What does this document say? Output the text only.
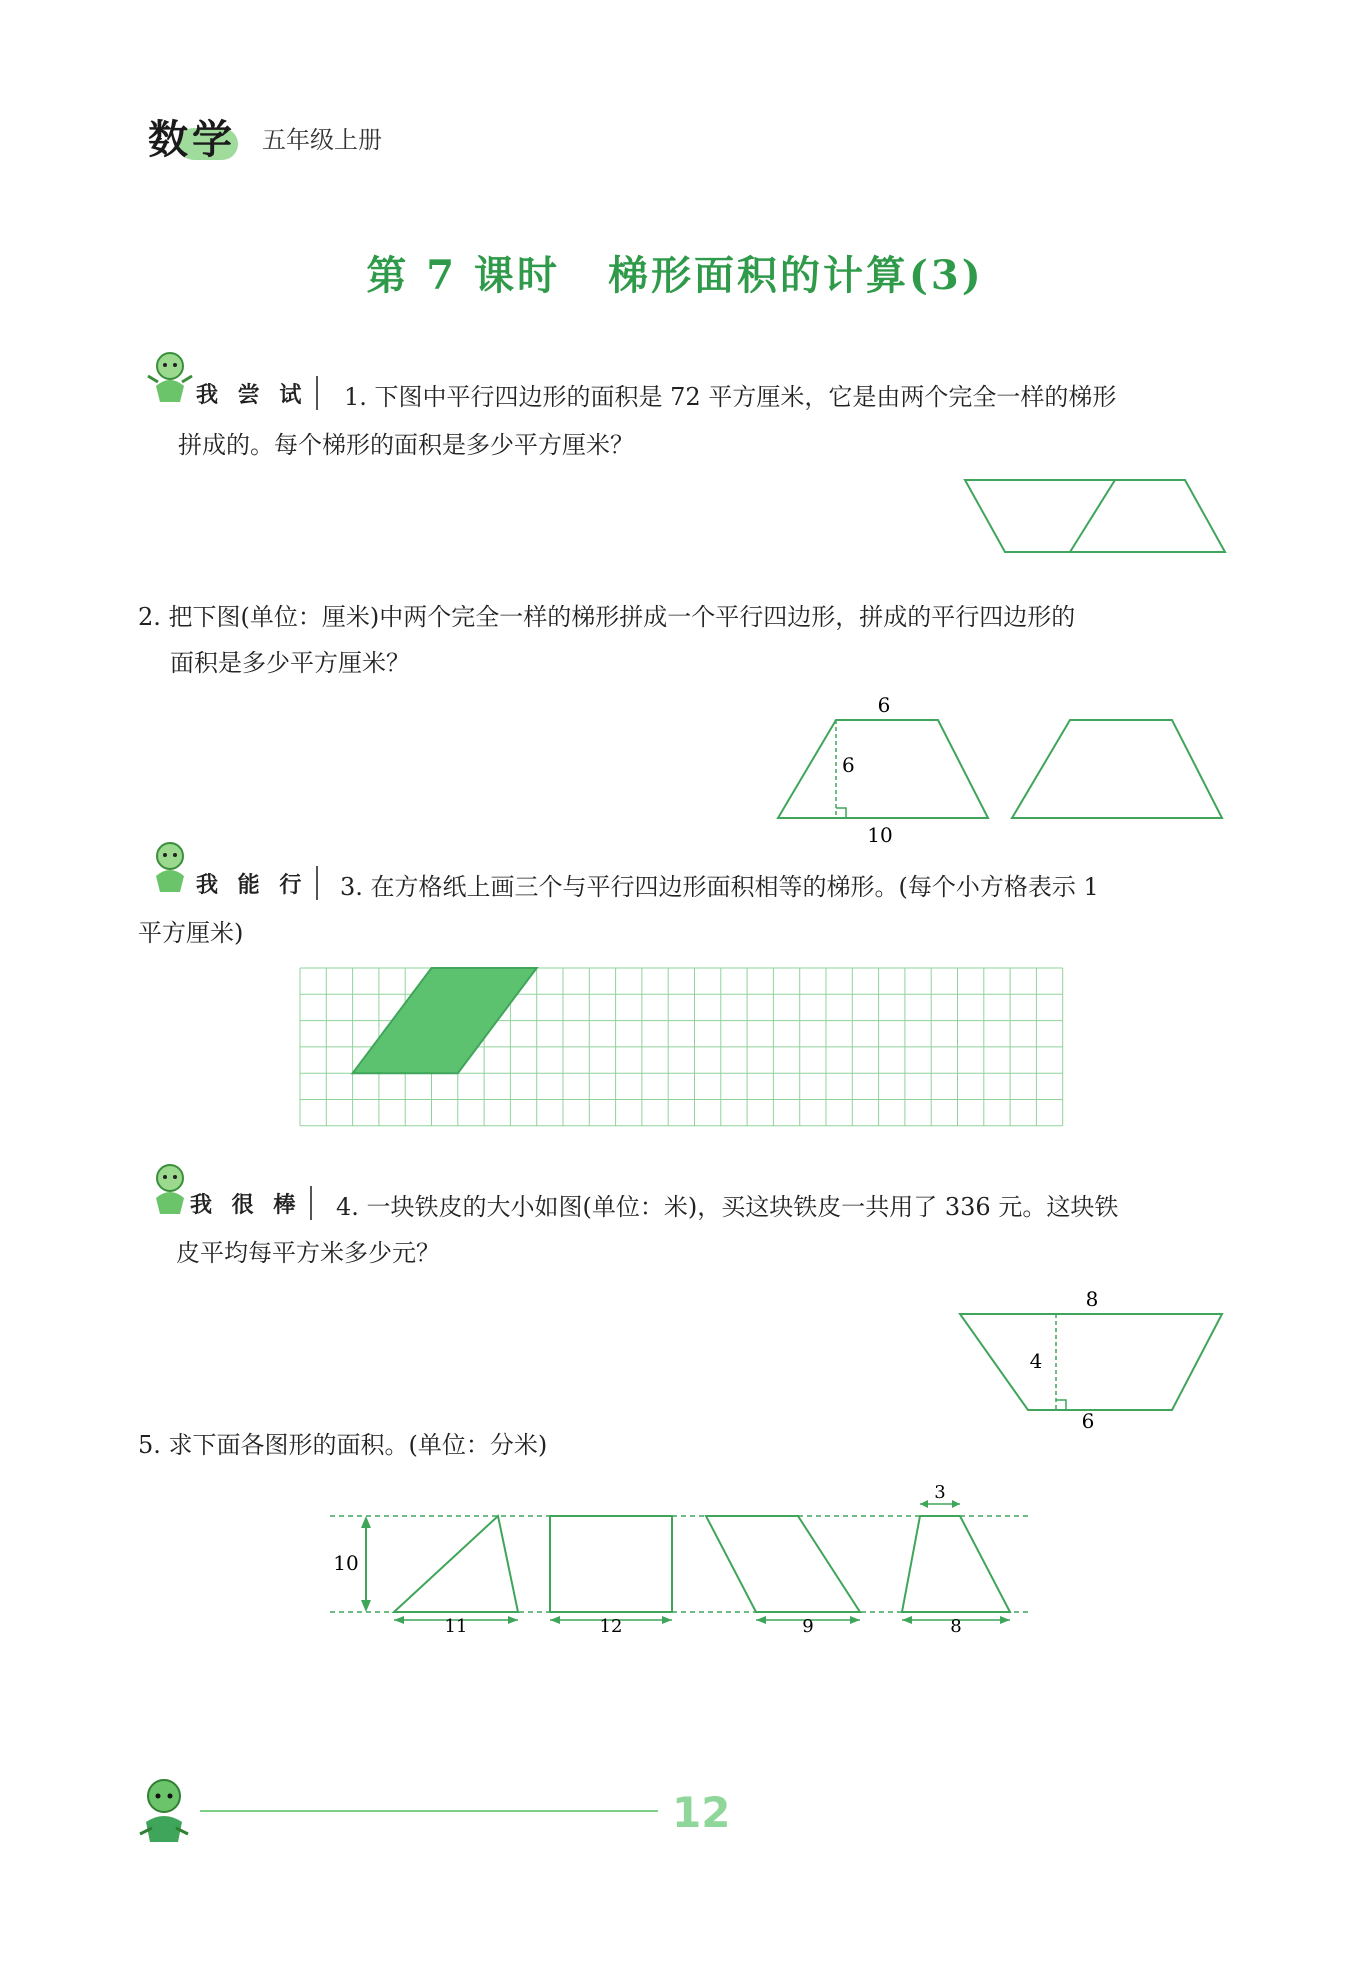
数学 五年级上册
第 7 课时 梯形面积的计算(3)
我 尝 试 1. 下图中平行四边形的面积是 72 平方厘米，它是由两个完全一样的梯形
拼成的。每个梯形的面积是多少平方厘米？
2. 把下图(单位：厘米)中两个完全一样的梯形拼成一个平行四边形，拼成的平行四边形的
面积是多少平方厘米？
6
6
10
我 能 行 3. 在方格纸上画三个与平行四边形面积相等的梯形。(每个小方格表示 1
平方厘米)
我 很 棒 4. 一块铁皮的大小如图(单位：米)，买这块铁皮一共用了 336 元。这块铁
皮平均每平方米多少元？
8
4
6
5. 求下面各图形的面积。(单位：分米)
10
11	12	9
3
8
12
